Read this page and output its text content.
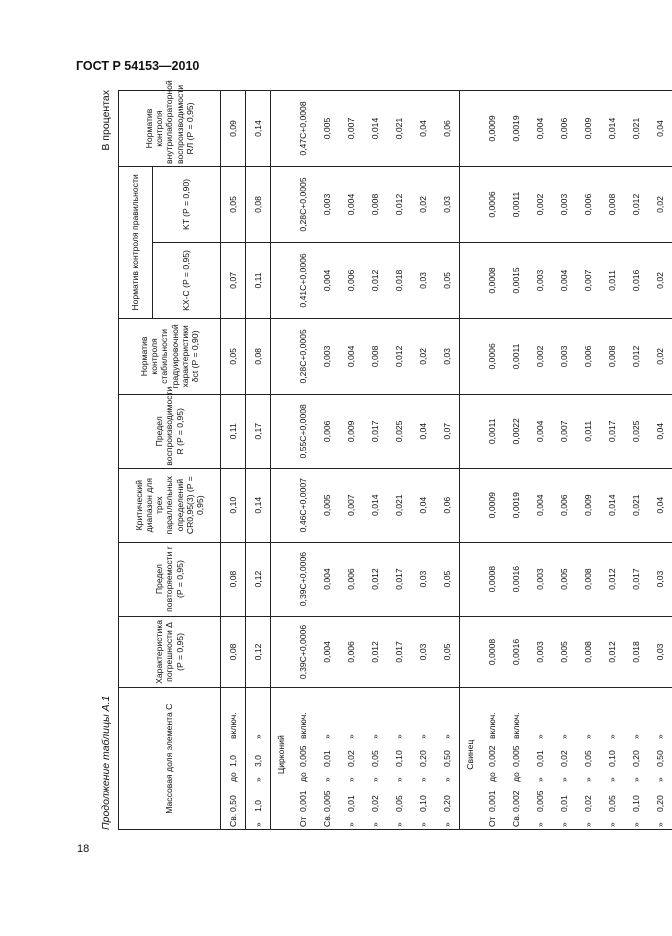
ГОСТ Р 54153—2010
Продолжение таблицы А.1
В процентах
Массовая доля элемента C	Характеристика погрешности Δ (P = 0,95)	Предел повторяемости r (P = 0,95)	Критический диапазон для трех параллельных определений CR0,95(3) (P = 0,95)	Предел воспроизводимости R (P = 0,95)	Норматив контроля стабильности градуировочной характеристики δct (P = 0,90)	Норматив контроля правильности		Норматив контроля внутрилабораторной воспроизводимости RЛ (P = 0,95)
						KX-C (P = 0,95)	KT (P = 0,90)	

Св.
0,50
до
1,0
включ.	0,08	0,08	0,10	0,11	0,05	0,07	0,05	0,09

»
1,0
»
3,0
»	0,12	0,12	0,14	0,17	0,08	0,11	0,08	0,14
Цирконий								

От
0,001
до
0,005
включ.	0,39С+0,0006	0,39С+0,0006	0,46С+0,0007	0,55С+0,0008	0,28С+0,0005	0,41С+0,0006	0,28С+0,0005	0,47С+0,0008

Св.
0,005
»
0,01
»	0,004	0,004	0,005	0,006	0,003	0,004	0,003	0,005

»
0,01
»
0,02
»	0,006	0,006	0,007	0,009	0,004	0,006	0,004	0,007

»
0,02
»
0,05
»	0,012	0,012	0,014	0,017	0,008	0,012	0,008	0,014

»
0,05
»
0,10
»	0,017	0,017	0,021	0,025	0,012	0,018	0,012	0,021

»
0,10
»
0,20
»	0,03	0,03	0,04	0,04	0,02	0,03	0,02	0,04

»
0,20
»
0,50
»	0,05	0,05	0,06	0,07	0,03	0,05	0,03	0,06
Свинец								

От
0,001
до
0,002
включ.	0,0008	0,0008	0,0009	0,0011	0,0006	0,0008	0,0006	0,0009

Св.
0,002
до
0,005
включ.	0,0016	0,0016	0,0019	0,0022	0,0011	0,0015	0,0011	0,0019

»
0,005
»
0,01
»	0,003	0,003	0,004	0,004	0,002	0,003	0,002	0,004

»
0,01
»
0,02
»	0,005	0,005	0,006	0,007	0,003	0,004	0,003	0,006

»
0,02
»
0,05
»	0,008	0,008	0,009	0,011	0,006	0,007	0,006	0,009

»
0,05
»
0,10
»	0,012	0,012	0,014	0,017	0,008	0,011	0,008	0,014

»
0,10
»
0,20
»	0,018	0,017	0,021	0,025	0,012	0,016	0,012	0,021

»
0,20
»
0,50
»	0,03	0,03	0,04	0,04	0,02	0,02	0,02	0,04
18
